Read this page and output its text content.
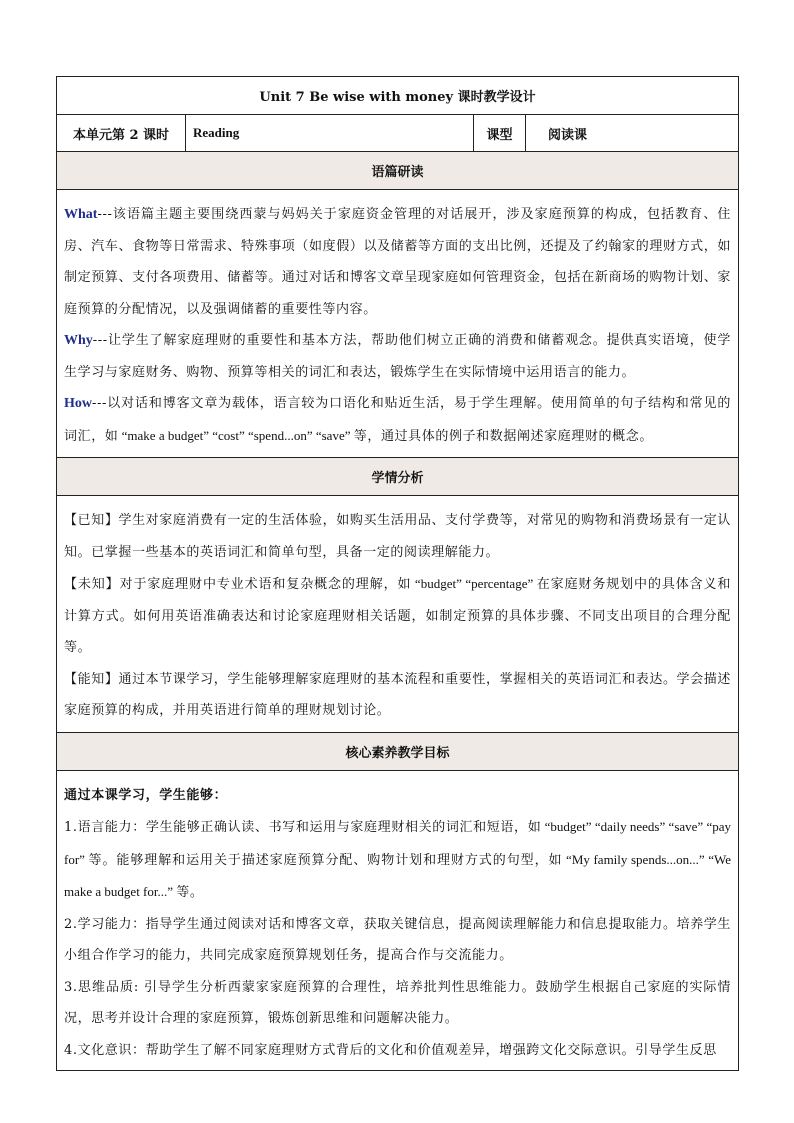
Unit 7 Be wise with money 课时教学设计
本单元第 2 课时	Reading	课型	阅读课
语篇研读

What---该语篇主题主要围绕西蒙与妈妈关于家庭资金管理的对话展开，涉及家庭预算的构成，包括教育、住房、汽车、食物等日常需求、特殊事项（如度假）以及储蓄等方面的支出比例，还提及了约翰家的理财方式，如制定预算、支付各项费用、储蓄等。通过对话和博客文章呈现家庭如何管理资金，包括在新商场的购物计划、家庭预算的分配情况，以及强调储蓄的重要性等内容。

Why---让学生了解家庭理财的重要性和基本方法，帮助他们树立正确的消费和储蓄观念。提供真实语境，使学生学习与家庭财务、购物、预算等相关的词汇和表达，锻炼学生在实际情境中运用语言的能力。

How---以对话和博客文章为载体，语言较为口语化和贴近生活，易于学生理解。使用简单的句子结构和常见的词汇，如 “make a budget” “cost” “spend...on” “save” 等，通过具体的例子和数据阐述家庭理财的概念。

学情分析

【已知】学生对家庭消费有一定的生活体验，如购买生活用品、支付学费等，对常见的购物和消费场景有一定认知。已掌握一些基本的英语词汇和简单句型，具备一定的阅读理解能力。

【未知】对于家庭理财中专业术语和复杂概念的理解，如 “budget” “percentage” 在家庭财务规划中的具体含义和计算方式。如何用英语准确表达和讨论家庭理财相关话题，如制定预算的具体步骤、不同支出项目的合理分配等。

【能知】通过本节课学习，学生能够理解家庭理财的基本流程和重要性，掌握相关的英语词汇和表达。学会描述家庭预算的构成，并用英语进行简单的理财规划讨论。

核心素养教学目标

通过本课学习，学生能够：

1.语言能力：学生能够正确认读、书写和运用与家庭理财相关的词汇和短语，如 “budget” “daily needs” “save” “pay for” 等。能够理解和运用关于描述家庭预算分配、购物计划和理财方式的句型，如 “My family spends...on...” “We make a budget for...” 等。

2.学习能力：指导学生通过阅读对话和博客文章，获取关键信息，提高阅读理解能力和信息提取能力。培养学生小组合作学习的能力，共同完成家庭预算规划任务，提高合作与交流能力。

3.思维品质: 引导学生分析西蒙家家庭预算的合理性，培养批判性思维能力。鼓励学生根据自己家庭的实际情况，思考并设计合理的家庭预算，锻炼创新思维和问题解决能力。

4.文化意识：帮助学生了解不同家庭理财方式背后的文化和价值观差异，增强跨文化交际意识。引导学生反思
